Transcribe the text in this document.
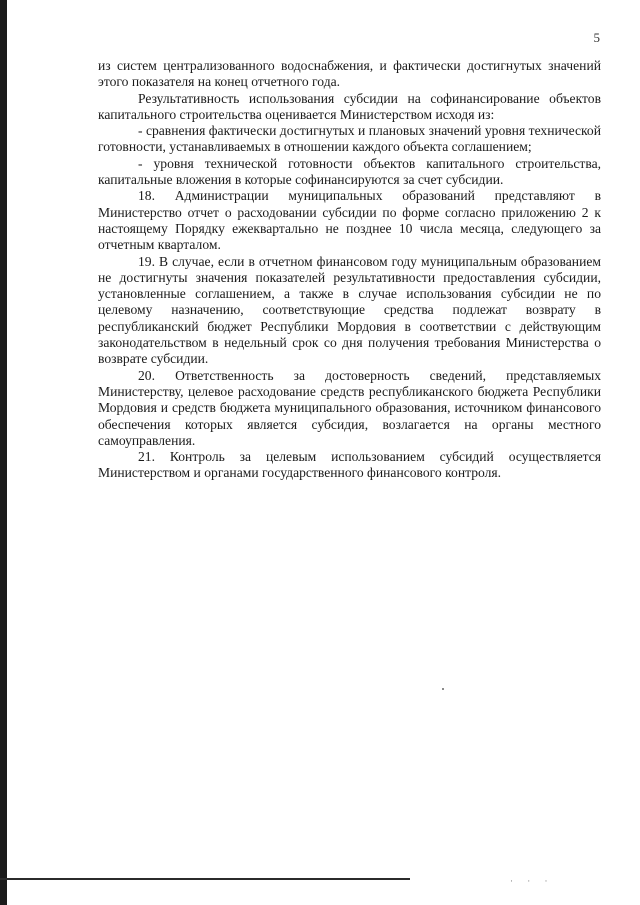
5

из систем централизованного водоснабжения, и фактически достигнутых значений этого показателя на конец отчетного года.

Результативность использования субсидии на софинансирование объектов капитального строительства оценивается Министерством исходя из:

- сравнения фактически достигнутых и плановых значений уровня технической готовности, устанавливаемых в отношении каждого объекта соглашением;

- уровня технической готовности объектов капитального строительства, капитальные вложения в которые софинансируются за счет субсидии.

18. Администрации муниципальных образований представляют в Министерство отчет о расходовании субсидии по форме согласно приложению 2 к настоящему Порядку ежеквартально не позднее 10 числа месяца, следующего за отчетным кварталом.

19. В случае, если в отчетном финансовом году муниципальным образованием не достигнуты значения показателей результативности предоставления субсидии, установленные соглашением, а также в случае использования субсидии не по целевому назначению, соответствующие средства подлежат возврату в республиканский бюджет Республики Мордовия в соответствии с действующим законодательством в недельный срок со дня получения требования Министерства о возврате субсидии.

20. Ответственность за достоверность сведений, представляемых Министерству, целевое расходование средств республиканского бюджета Республики Мордовия и средств бюджета муниципального образования, источником финансового обеспечения которых является субсидия, возлагается на органы местного самоуправления.

21. Контроль за целевым использованием субсидий осуществляется Министерством и органами государственного финансового контроля.

· · ·
